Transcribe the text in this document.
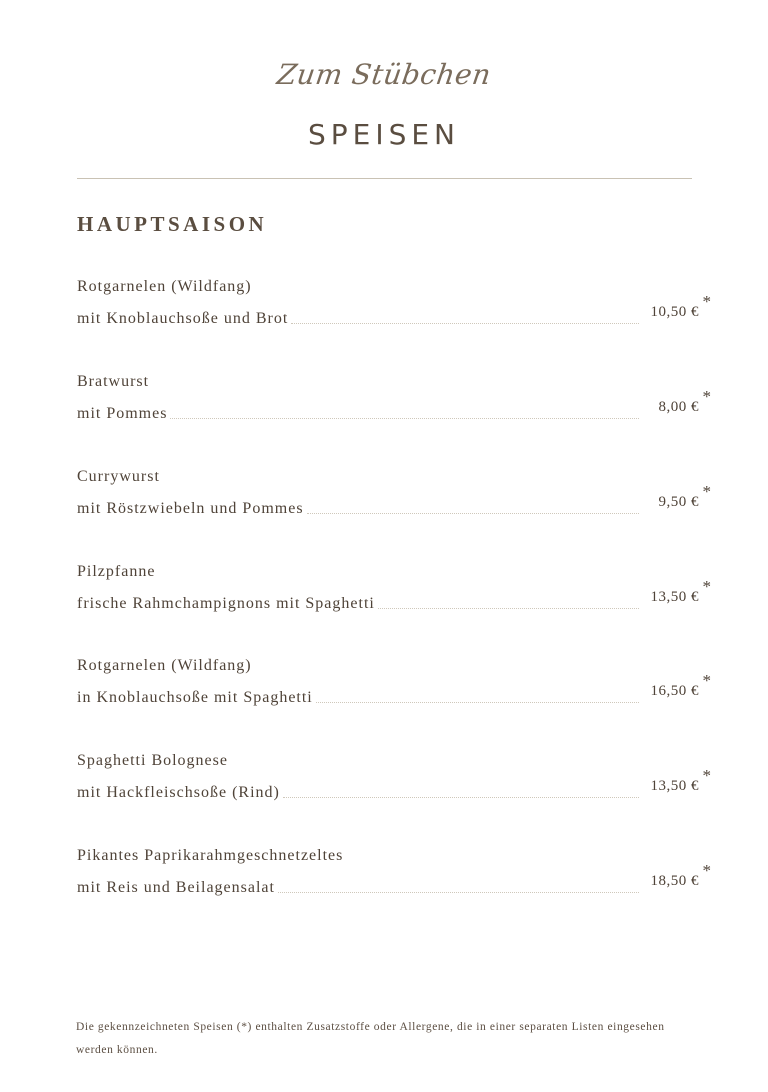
Zum Stübchen
SPEISEN
HAUPTSAISON
Rotgarnelen (Wildfang)
mit Knoblauchsoße und Brot	10,50 €
*
Bratwurst
mit Pommes	8,00 €
*
Currywurst
mit Röstzwiebeln und Pommes	9,50 €
*
Pilzpfanne
frische Rahmchampignons mit Spaghetti	13,50 €
*
Rotgarnelen (Wildfang)
in Knoblauchsoße mit Spaghetti	16,50 €
*
Spaghetti Bolognese
mit Hackfleischsoße (Rind)	13,50 €
*
Pikantes Paprikarahmgeschnetzeltes
mit Reis und Beilagensalat	18,50 €
*
Die gekennzeichneten Speisen (*) enthalten Zusatzstoffe oder Allergene, die in einer separaten Listen eingesehen werden können.
